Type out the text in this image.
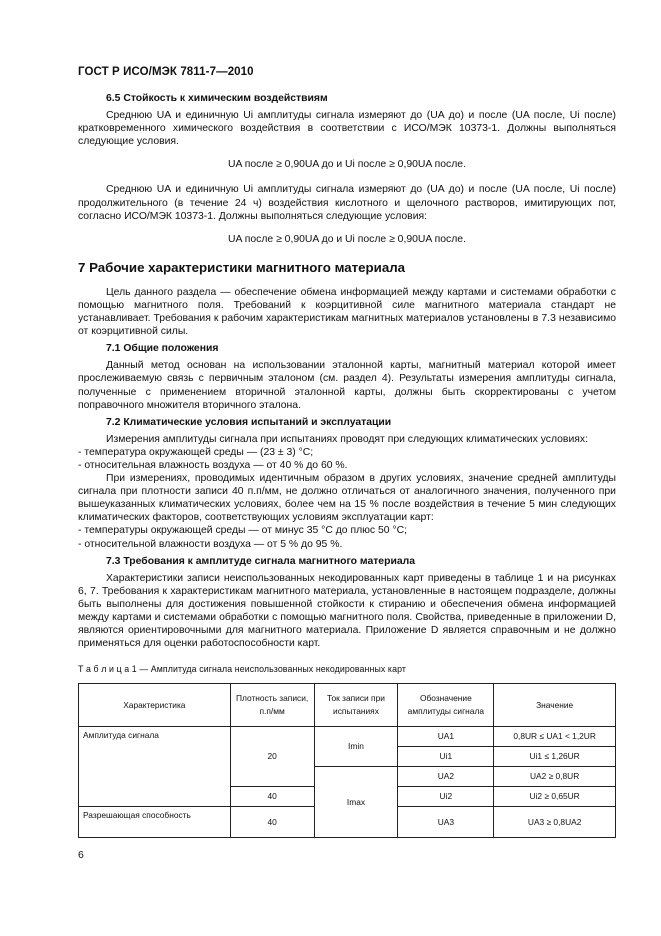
ГОСТ Р ИСО/МЭК 7811-7—2010
6.5 Стойкость к химическим воздействиям

Среднюю UA и единичную Ui амплитуды сигнала измеряют до (UA до) и после (UA после, Ui после) кратковременного химического воздействия в соответствии с ИСО/МЭК 10373-1. Должны выполняться следующие условия.

UA после ≥ 0,90UA до и Ui после ≥ 0,90UA после.

Среднюю UA и единичную Ui амплитуды сигнала измеряют до (UA до) и после (UA после, Ui после) продолжительного (в течение 24 ч) воздействия кислотного и щелочного растворов, имитирующих пот, согласно ИСО/МЭК 10373-1. Должны выполняться следующие условия:

UA после ≥ 0,90UA до и Ui после ≥ 0,90UA после.

7 Рабочие характеристики магнитного материала

Цель данного раздела — обеспечение обмена информацией между картами и системами обработки с помощью магнитного поля. Требований к коэрцитивной силе магнитного материала стандарт не устанавливает. Требования к рабочим характеристикам магнитных материалов установлены в 7.3 независимо от коэрцитивной силы.

7.1 Общие положения

Данный метод основан на использовании эталонной карты, магнитный материал которой имеет прослеживаемую связь с первичным эталоном (см. раздел 4). Результаты измерения амплитуды сигнала, полученные с применением вторичной эталонной карты, должны быть скорректированы с учетом поправочного множителя вторичного эталона.

7.2 Климатические условия испытаний и эксплуатации

Измерения амплитуды сигнала при испытаниях проводят при следующих климатических условиях:

- температура окружающей среды — (23 ± 3) °С;

- относительная влажность воздуха — от 40 % до 60 %.

При измерениях, проводимых идентичным образом в других условиях, значение средней амплитуды сигнала при плотности записи 40 п.п/мм, не должно отличаться от аналогичного значения, полученного при вышеуказанных климатических условиях, более чем на 15 % после воздействия в течение 5 мин следующих климатических факторов, соответствующих условиям эксплуатации карт:

- температуры окружающей среды — от минус 35 °С до плюс 50 °С;

- относительной влажности воздуха — от 5 % до 95 %.

7.3 Требования к амплитуде сигнала магнитного материала

Характеристики записи неиспользованных некодированных карт приведены в таблице 1 и на рисунках 6, 7. Требования к характеристикам магнитного материала, установленные в настоящем подразделе, должны быть выполнены для достижения повышенной стойкости к стиранию и обеспечения обмена информацией между картами и системами обработки с помощью магнитного поля. Свойства, приведенные в приложении D, являются ориентировочными для магнитного материала. Приложение D является справочным и не должно применяться для оценки работоспособности карт.

Т а б л и ц а 1 — Амплитуда сигнала неиспользованных некодированных карт

Характеристика	Плотность записи, п.п/мм	Ток записи при испытаниях	Обозначение амплитуды сигнала	Значение
Амплитуда сигнала	20	Imin	UA1	0,8UR ≤ UA1 < 1,2UR
			Ui1	Ui1 ≤ 1,26UR
		Imax	UA2	UA2 ≥ 0,8UR
	40		Ui2	Ui2 ≥ 0,65UR
Разрешающая способность	40		UA3	UA3 ≥ 0,8UA2
6
